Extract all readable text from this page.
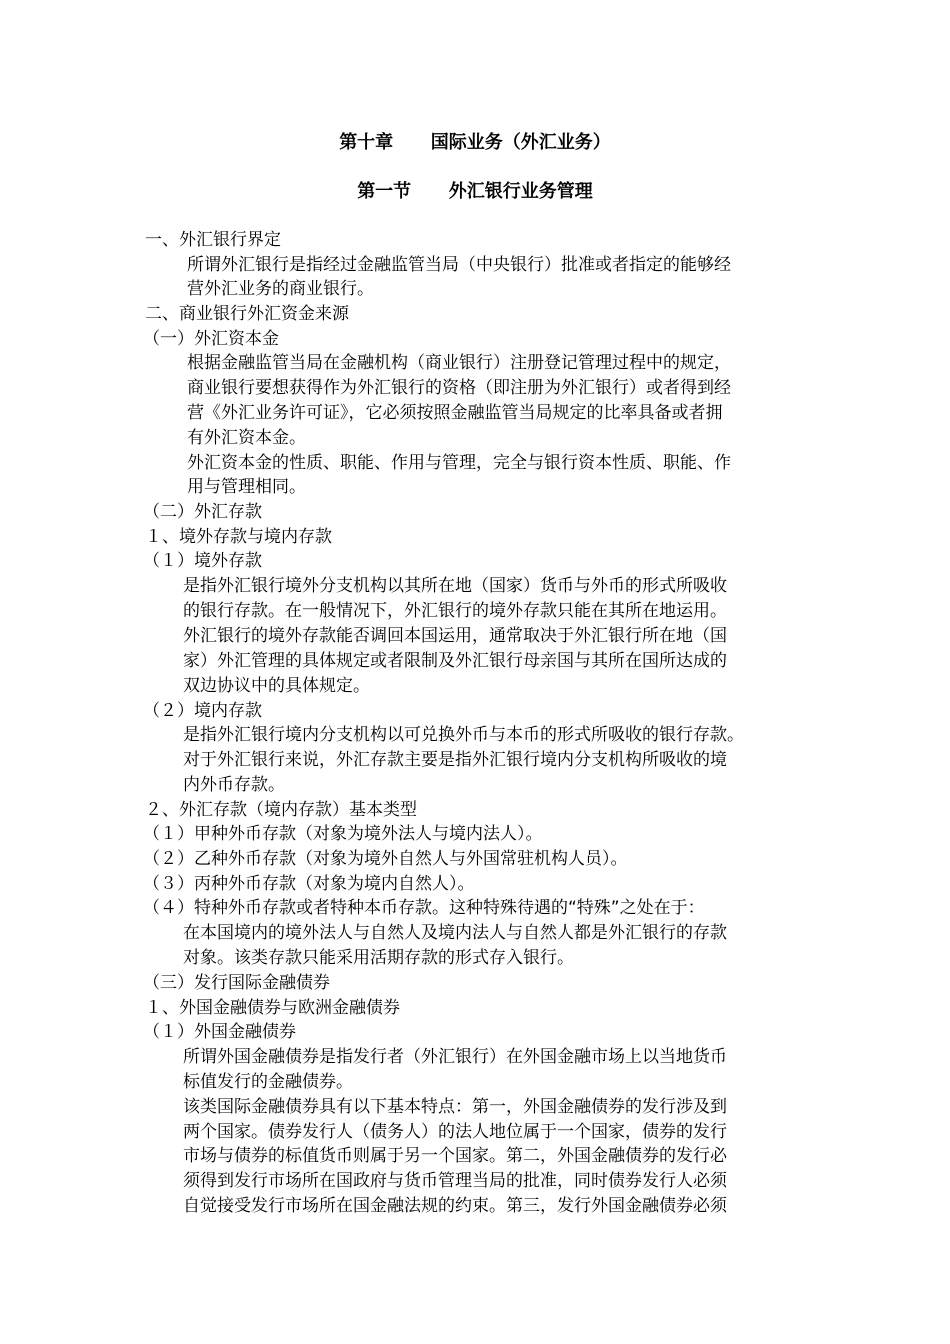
第十章      国际业务（外汇业务）
第一节      外汇银行业务管理
一、外汇银行界定
所谓外汇银行是指经过金融监管当局（中央银行）批准或者指定的能够经
营外汇业务的商业银行。
二、商业银行外汇资金来源
（一）外汇资本金
根据金融监管当局在金融机构（商业银行）注册登记管理过程中的规定，
商业银行要想获得作为外汇银行的资格（即注册为外汇银行）或者得到经
营《外汇业务许可证》，它必须按照金融监管当局规定的比率具备或者拥
有外汇资本金。
外汇资本金的性质、职能、作用与管理，完全与银行资本性质、职能、作
用与管理相同。
（二）外汇存款
１、境外存款与境内存款
（１）境外存款
是指外汇银行境外分支机构以其所在地（国家）货币与外币的形式所吸收
的银行存款。在一般情况下，外汇银行的境外存款只能在其所在地运用。
外汇银行的境外存款能否调回本国运用，通常取决于外汇银行所在地（国
家）外汇管理的具体规定或者限制及外汇银行母亲国与其所在国所达成的
双边协议中的具体规定。
（２）境内存款
是指外汇银行境内分支机构以可兑换外币与本币的形式所吸收的银行存款。
对于外汇银行来说，外汇存款主要是指外汇银行境内分支机构所吸收的境
内外币存款。
２、外汇存款（境内存款）基本类型
（１）甲种外币存款（对象为境外法人与境内法人）。
（２）乙种外币存款（对象为境外自然人与外国常驻机构人员）。
（３）丙种外币存款（对象为境内自然人）。
（４）特种外币存款或者特种本币存款。这种特殊待遇的“特殊”之处在于：
在本国境内的境外法人与自然人及境内法人与自然人都是外汇银行的存款
对象。该类存款只能采用活期存款的形式存入银行。
（三）发行国际金融债券
１、外国金融债券与欧洲金融债券
（１）外国金融债券
所谓外国金融债券是指发行者（外汇银行）在外国金融市场上以当地货币
标值发行的金融债券。
该类国际金融债券具有以下基本特点：第一，外国金融债券的发行涉及到
两个国家。债券发行人（债务人）的法人地位属于一个国家，债券的发行
市场与债券的标值货币则属于另一个国家。第二，外国金融债券的发行必
须得到发行市场所在国政府与货币管理当局的批准，同时债券发行人必须
自觉接受发行市场所在国金融法规的约束。第三，发行外国金融债券必须
